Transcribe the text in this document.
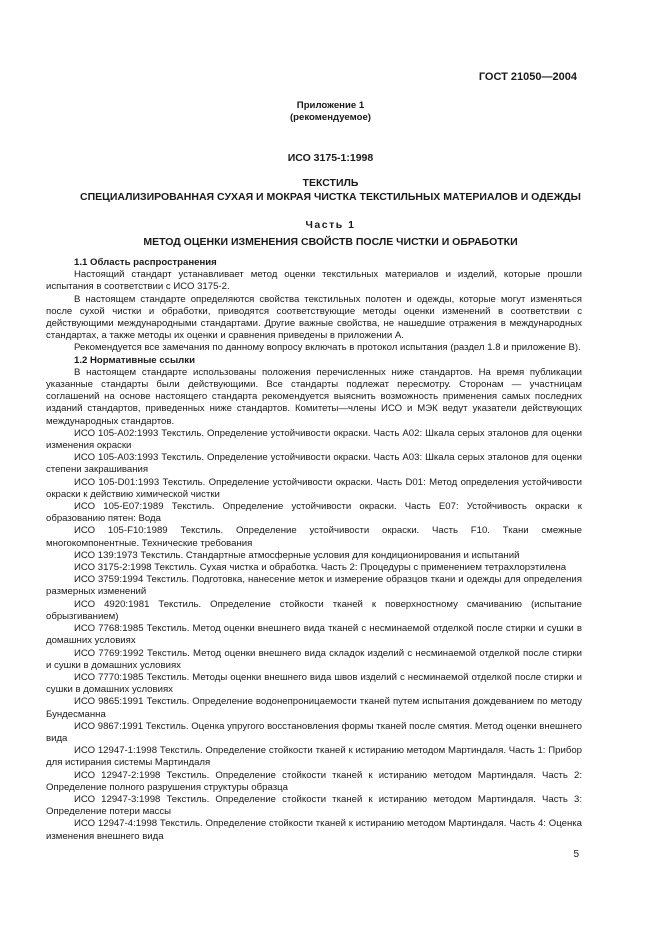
ГОСТ 21050—2004
Приложение 1
(рекомендуемое)
ИСО 3175-1:1998
ТЕКСТИЛЬ
СПЕЦИАЛИЗИРОВАННАЯ СУХАЯ И МОКРАЯ ЧИСТКА ТЕКСТИЛЬНЫХ МАТЕРИАЛОВ И ОДЕЖДЫ
Часть 1
МЕТОД ОЦЕНКИ ИЗМЕНЕНИЯ СВОЙСТВ ПОСЛЕ ЧИСТКИ И ОБРАБОТКИ

1.1 Область распространения

Настоящий стандарт устанавливает метод оценки текстильных материалов и изделий, которые прошли испытания в соответствии с ИСО 3175-2.

В настоящем стандарте определяются свойства текстильных полотен и одежды, которые могут изменяться после сухой чистки и обработки, приводятся соответствующие методы оценки изменений в соответствии с действующими международными стандартами. Другие важные свойства, не нашедшие отражения в международных стандартах, а также методы их оценки и сравнения приведены в приложении А.

Рекомендуется все замечания по данному вопросу включать в протокол испытания (раздел 1.8 и приложение В).

1.2 Нормативные ссылки

В настоящем стандарте использованы положения перечисленных ниже стандартов. На время публикации указанные стандарты были действующими. Все стандарты подлежат пересмотру. Сторонам — участницам соглашений на основе настоящего стандарта рекомендуется выяснить возможность применения самых последних изданий стандартов, приведенных ниже стандартов. Комитеты—члены ИСО и МЭК ведут указатели действующих международных стандартов.

ИСО 105-A02:1993 Текстиль. Определение устойчивости окраски. Часть A02: Шкала серых эталонов для оценки изменения окраски

ИСО 105-A03:1993 Текстиль. Определение устойчивости окраски. Часть A03: Шкала серых эталонов для оценки степени закрашивания

ИСО 105-D01:1993 Текстиль. Определение устойчивости окраски. Часть D01: Метод определения устойчивости окраски к действию химической чистки

ИСО 105-E07:1989 Текстиль. Определение устойчивости окраски. Часть E07: Устойчивость окраски к образованию пятен: Вода

ИСО 105-F10:1989 Текстиль. Определение устойчивости окраски. Часть F10. Ткани смежные многокомпонентные. Технические требования

ИСО 139:1973 Текстиль. Стандартные атмосферные условия для кондиционирования и испытаний

ИСО 3175-2:1998 Текстиль. Сухая чистка и обработка. Часть 2: Процедуры с применением тетрахлорэтилена

ИСО 3759:1994 Текстиль. Подготовка, нанесение меток и измерение образцов ткани и одежды для определения размерных изменений

ИСО 4920:1981 Текстиль. Определение стойкости тканей к поверхностному смачиванию (испытание обрызгиванием)

ИСО 7768:1985 Текстиль. Метод оценки внешнего вида тканей с несминаемой отделкой после стирки и сушки в домашних условиях

ИСО 7769:1992 Текстиль. Метод оценки внешнего вида складок изделий с несминаемой отделкой после стирки и сушки в домашних условиях

ИСО 7770:1985 Текстиль. Методы оценки внешнего вида швов изделий с несминаемой отделкой после стирки и сушки в домашних условиях

ИСО 9865:1991 Текстиль. Определение водонепроницаемости тканей путем испытания дождеванием по методу Бундесманна

ИСО 9867:1991 Текстиль. Оценка упругого восстановления формы тканей после смятия. Метод оценки внешнего вида

ИСО 12947-1:1998 Текстиль. Определение стойкости тканей к истиранию методом Мартиндаля. Часть 1: Прибор для истирания системы Мартиндаля

ИСО 12947-2:1998 Текстиль. Определение стойкости тканей к истиранию методом Мартиндаля. Часть 2: Определение полного разрушения структуры образца

ИСО 12947-3:1998 Текстиль. Определение стойкости тканей к истиранию методом Мартиндаля. Часть 3: Определение потери массы

ИСО 12947-4:1998 Текстиль. Определение стойкости тканей к истиранию методом Мартиндаля. Часть 4: Оценка изменения внешнего вида

5
